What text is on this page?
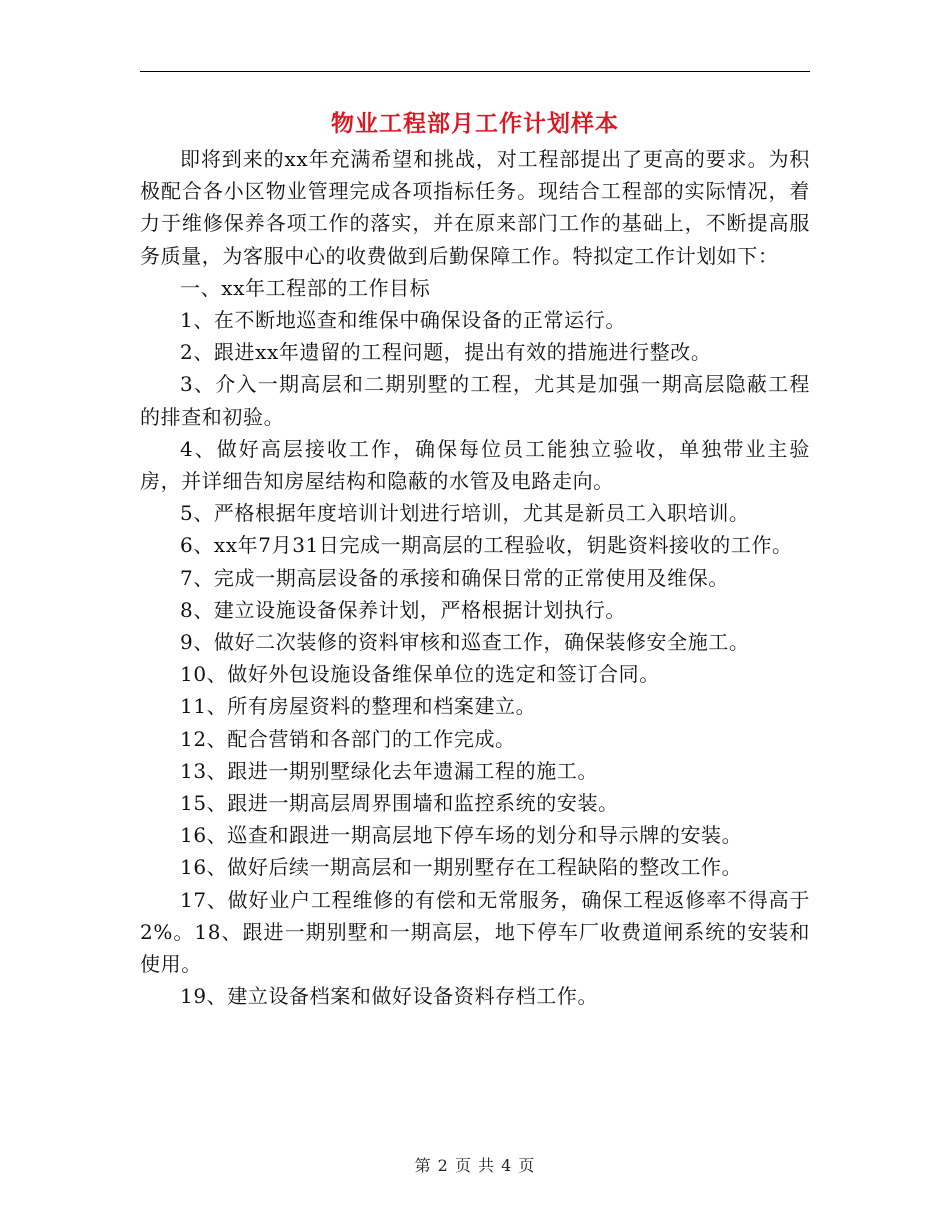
物业工程部月工作计划样本

即将到来的xx年充满希望和挑战，对工程部提出了更高的要求。为积极配合各小区物业管理完成各项指标任务。现结合工程部的实际情况，着力于维修保养各项工作的落实，并在原来部门工作的基础上，不断提高服务质量，为客服中心的收费做到后勤保障工作。特拟定工作计划如下：

一、xx年工程部的工作目标

1、在不断地巡查和维保中确保设备的正常运行。

2、跟进xx年遗留的工程问题，提出有效的措施进行整改。

3、介入一期高层和二期别墅的工程，尤其是加强一期高层隐蔽工程的排查和初验。

4、做好高层接收工作，确保每位员工能独立验收，单独带业主验房，并详细告知房屋结构和隐蔽的水管及电路走向。

5、严格根据年度培训计划进行培训，尤其是新员工入职培训。

6、xx年7月31日完成一期高层的工程验收，钥匙资料接收的工作。

7、完成一期高层设备的承接和确保日常的正常使用及维保。

8、建立设施设备保养计划，严格根据计划执行。

9、做好二次装修的资料审核和巡查工作，确保装修安全施工。

10、做好外包设施设备维保单位的选定和签订合同。

11、所有房屋资料的整理和档案建立。

12、配合营销和各部门的工作完成。

13、跟进一期别墅绿化去年遗漏工程的施工。

15、跟进一期高层周界围墙和监控系统的安装。

16、巡查和跟进一期高层地下停车场的划分和导示牌的安装。

16、做好后续一期高层和一期别墅存在工程缺陷的整改工作。

17、做好业户工程维修的有偿和无常服务，确保工程返修率不得高于2%。18、跟进一期别墅和一期高层，地下停车厂收费道闸系统的安装和使用。

19、建立设备档案和做好设备资料存档工作。

第 2 页 共 4 页
